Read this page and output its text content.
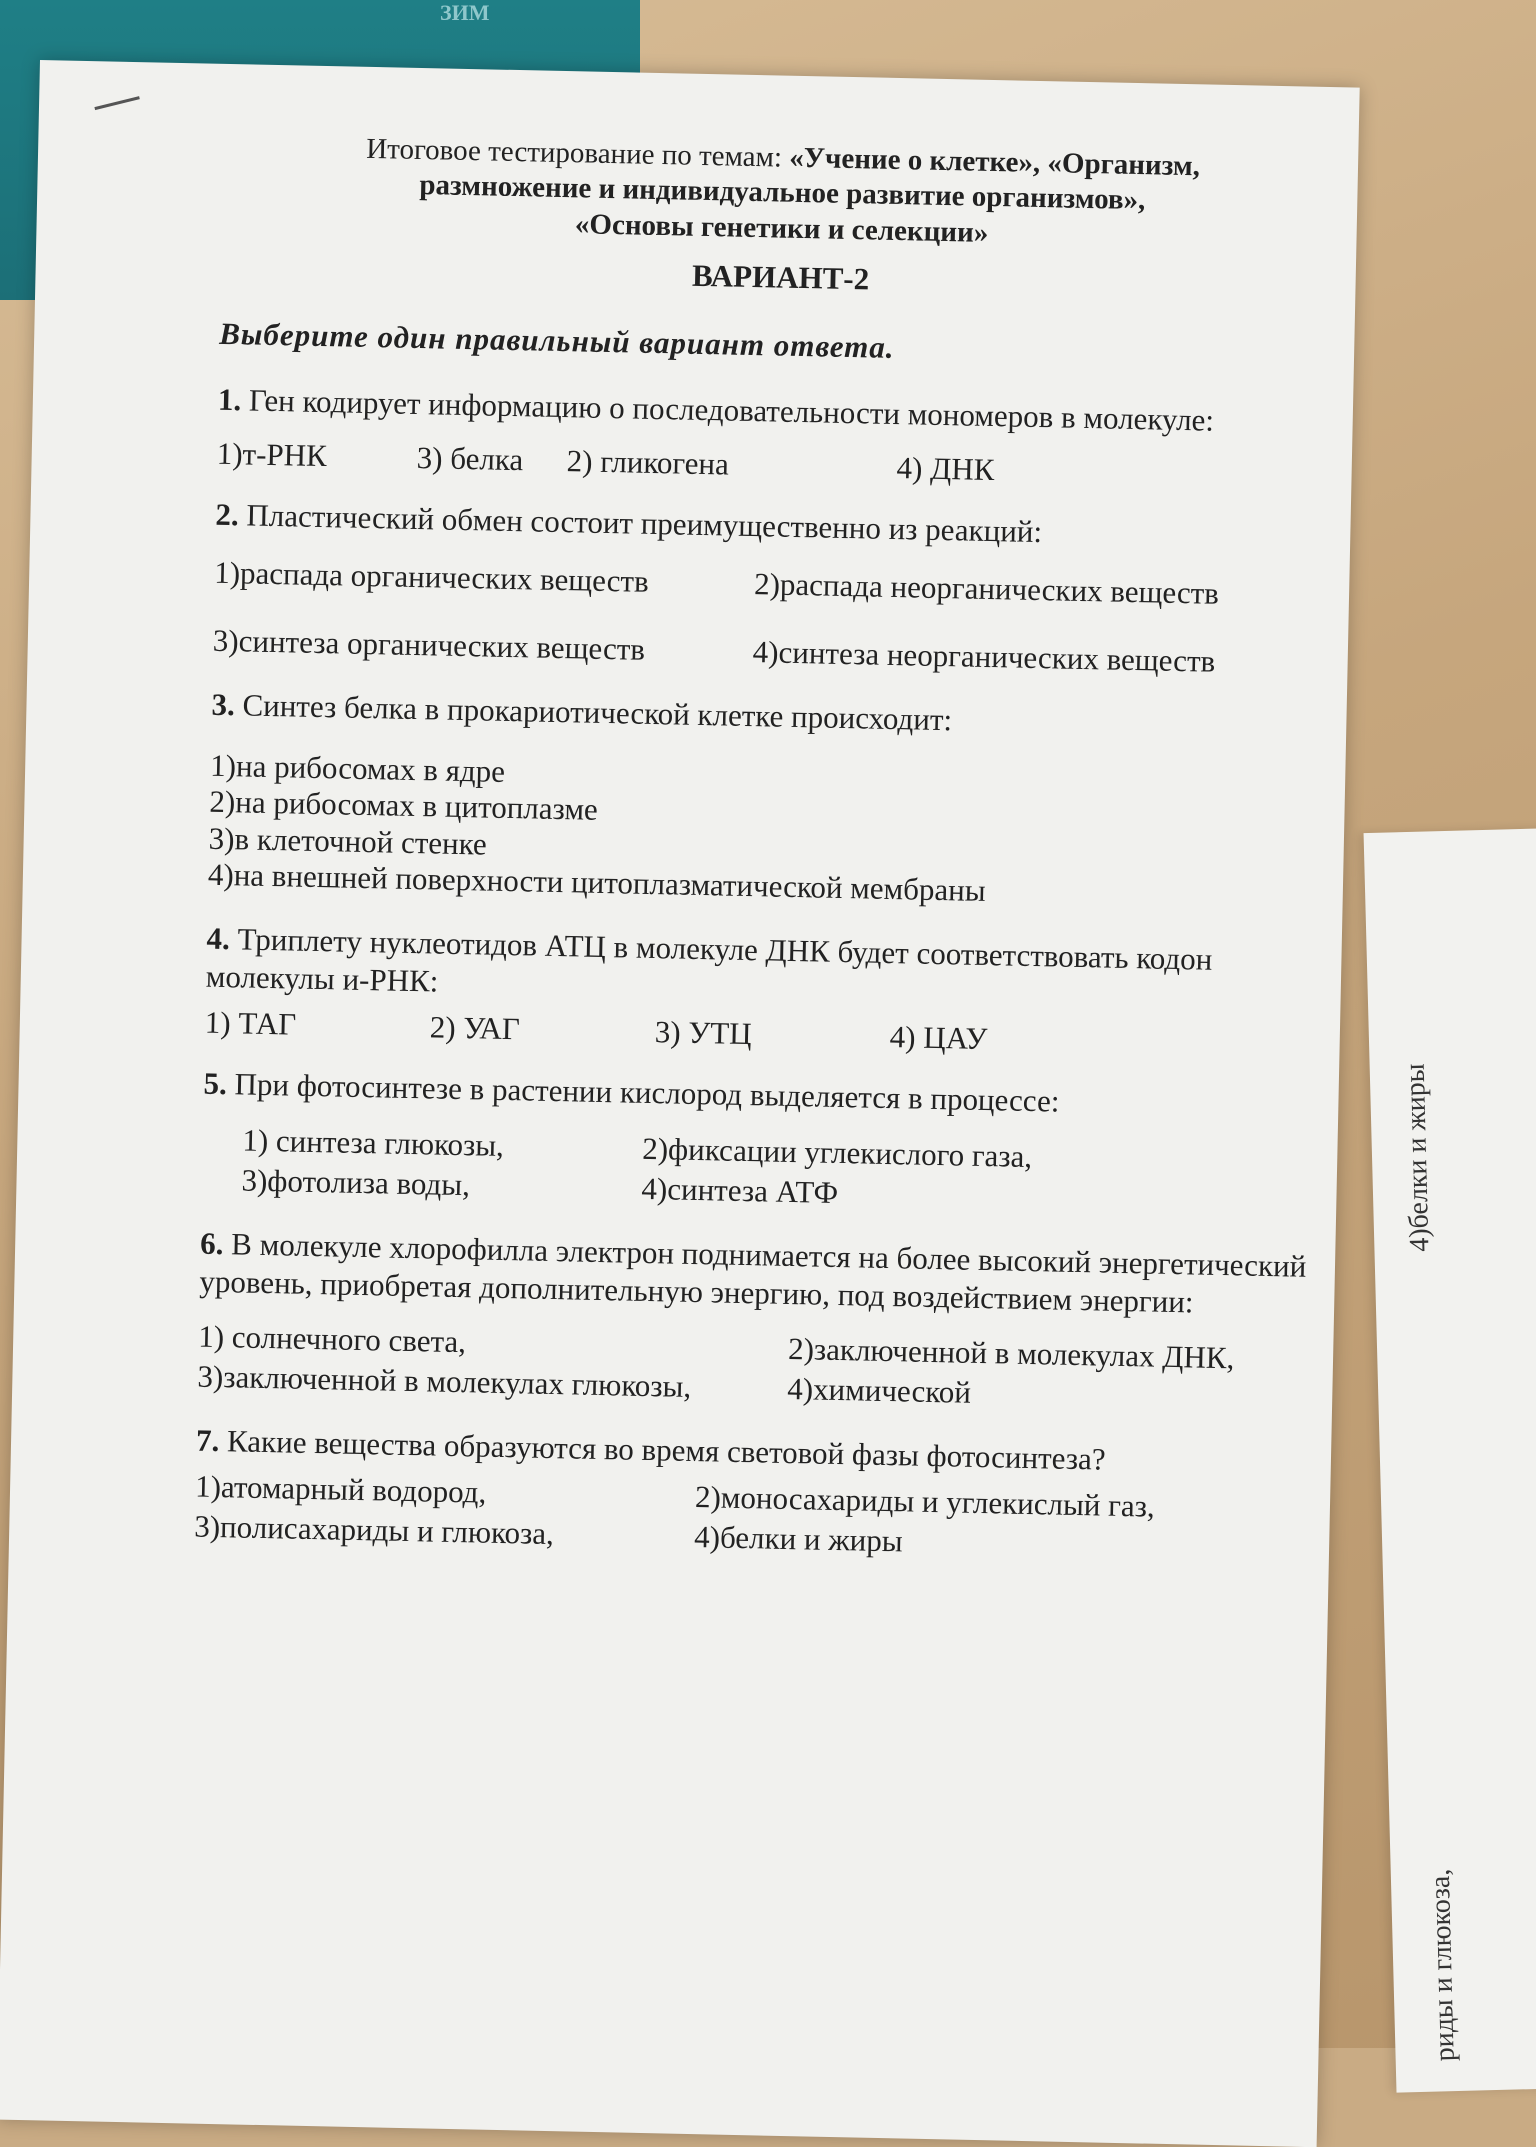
ЗИМ
4)белки и жиры
риды и глюкоза,
Итоговое тестирование по темам: «Учение о клетке», «Организм,
размножение и индивидуальное развитие организмов»,
«Основы генетики и селекции»
ВАРИАНТ-2
Выберите один правильный вариант ответа.
1. Ген кодирует информацию о последовательности мономеров в молекуле:
1)т-РНК	3) белка	2) гликогена	4) ДНК
2. Пластический обмен состоит преимущественно из реакций:
1)распада органических веществ	2)распада неорганических веществ
3)синтеза органических веществ	4)синтеза неорганических веществ
3. Синтез белка в прокариотической клетке происходит:
1)на рибосомах в ядре
2)на рибосомах в цитоплазме
3)в клеточной стенке
4)на внешней поверхности цитоплазматической мембраны
4. Триплету нуклеотидов АТЦ в молекуле ДНК будет соответствовать кодон молекулы и-РНК:
1) ТАГ	2) УАГ	3) УТЦ	4) ЦАУ
5. При фотосинтезе в растении кислород выделяется в процессе:
1) синтеза глюкозы,	2)фиксации углекислого газа,
3)фотолиза воды,	4)синтеза АТФ
6. В молекуле хлорофилла электрон поднимается на более высокий энергетический уровень, приобретая дополнительную энергию, под воздействием энергии:
1) солнечного света,	2)заключенной в молекулах ДНК,
3)заключенной в молекулах глюкозы,	4)химической
7. Какие вещества образуются во время световой фазы фотосинтеза?
1)атомарный водород,	2)моносахариды и углекислый газ,
3)полисахариды и глюкоза,	4)белки и жиры
